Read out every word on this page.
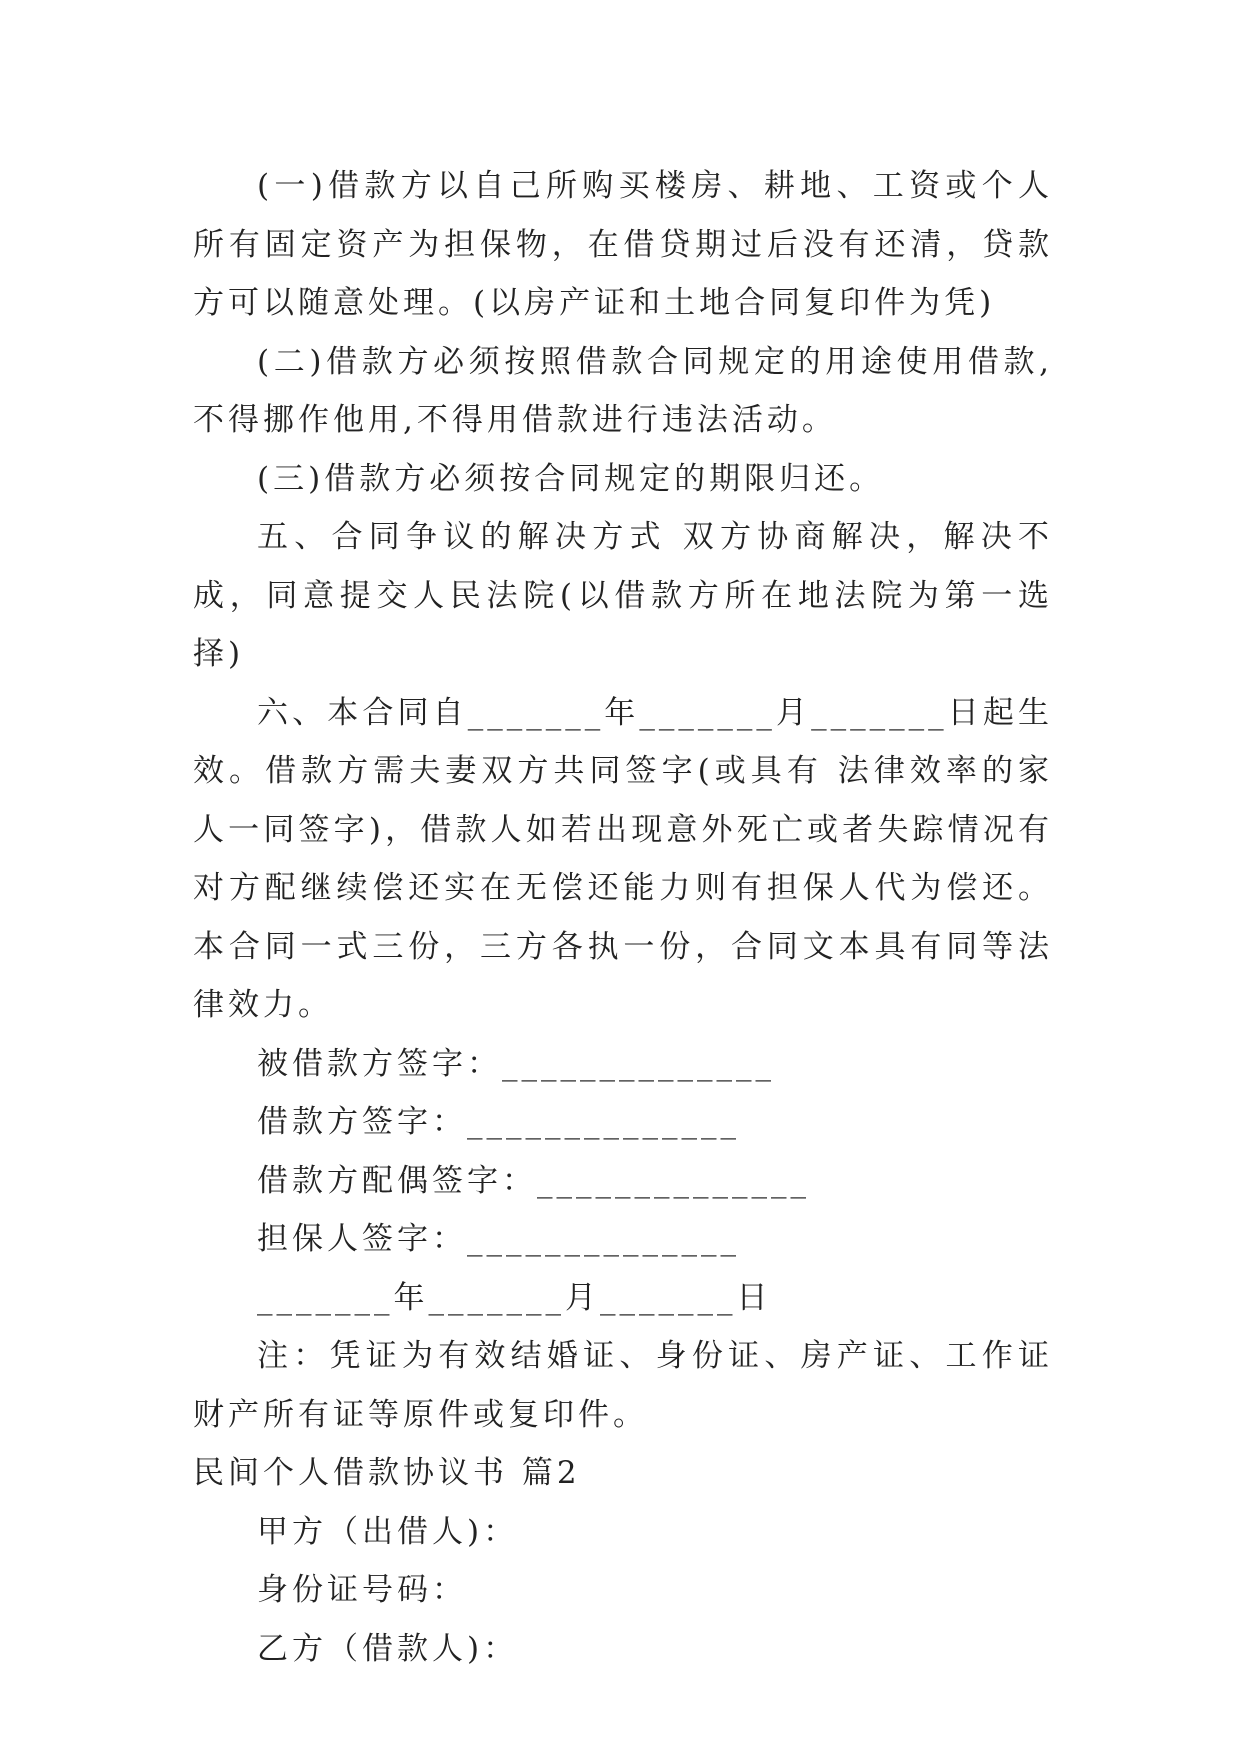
(一)借款方以自己所购买楼房、耕地、工资或个人所有固定资产为担保物，在借贷期过后没有还清，贷款方可以随意处理。(以房产证和土地合同复印件为凭)

(二)借款方必须按照借款合同规定的用途使用借款,不得挪作他用,不得用借款进行违法活动。

(三)借款方必须按合同规定的期限归还。

五、合同争议的解决方式 双方协商解决，解决不成，同意提交人民法院(以借款方所在地法院为第一选择)

六、本合同自_______年_______月_______日起生效。借款方需夫妻双方共同签字(或具有 法律效率的家人一同签字)，借款人如若出现意外死亡或者失踪情况有对方配继续偿还实在无偿还能力则有担保人代为偿还。本合同一式三份，三方各执一份，合同文本具有同等法律效力。

被借款方签字：______________

借款方签字：______________

借款方配偶签字：______________

担保人签字：______________

_______年_______月_______日

注：凭证为有效结婚证、身份证、房产证、工作证财产所有证等原件或复印件。

民间个人借款协议书 篇2

甲方（出借人)：

身份证号码：

乙方（借款人)：
